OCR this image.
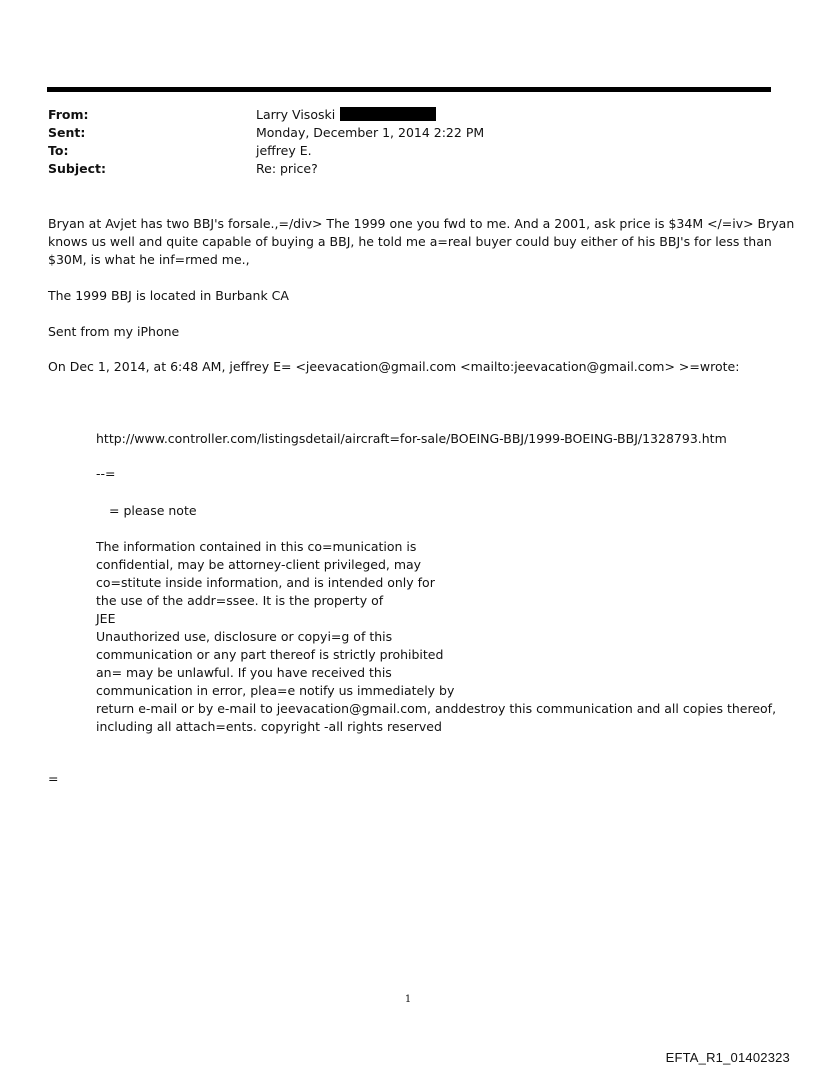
From:	Larry Visoski
Sent:	Monday, December 1, 2014 2:22 PM
To:	jeffrey E.
Subject:	Re: price?
Bryan at Avjet has two BBJ's forsale.,=/div> The 1999 one you fwd to me. And a 2001, ask price is $34M </=iv> Bryan
knows us well and quite capable of buying a BBJ, he told me a=real buyer could buy either of his BBJ's for less than
$30M, is what he inf=rmed me.,
The 1999 BBJ is located in Burbank CA
Sent from my iPhone
On Dec 1, 2014, at 6:48 AM, jeffrey E= <jeevacation@gmail.com <mailto:jeevacation@gmail.com> >=wrote:
http://www.controller.com/listingsdetail/aircraft=for-sale/BOEING-BBJ/1999-BOEING-BBJ/1328793.htm
--=
= please note
The information contained in this co=munication is
confidential, may be attorney-client privileged, may
co=stitute inside information, and is intended only for
the use of the addr=ssee. It is the property of
JEE
Unauthorized use, disclosure or copyi=g of this
communication or any part thereof is strictly prohibited
an= may be unlawful. If you have received this
communication in error, plea=e notify us immediately by
return e-mail or by e-mail to jeevacation@gmail.com, anddestroy this communication and all copies thereof,
including all attach=ents. copyright -all rights reserved
=
1
EFTA_R1_01402323
